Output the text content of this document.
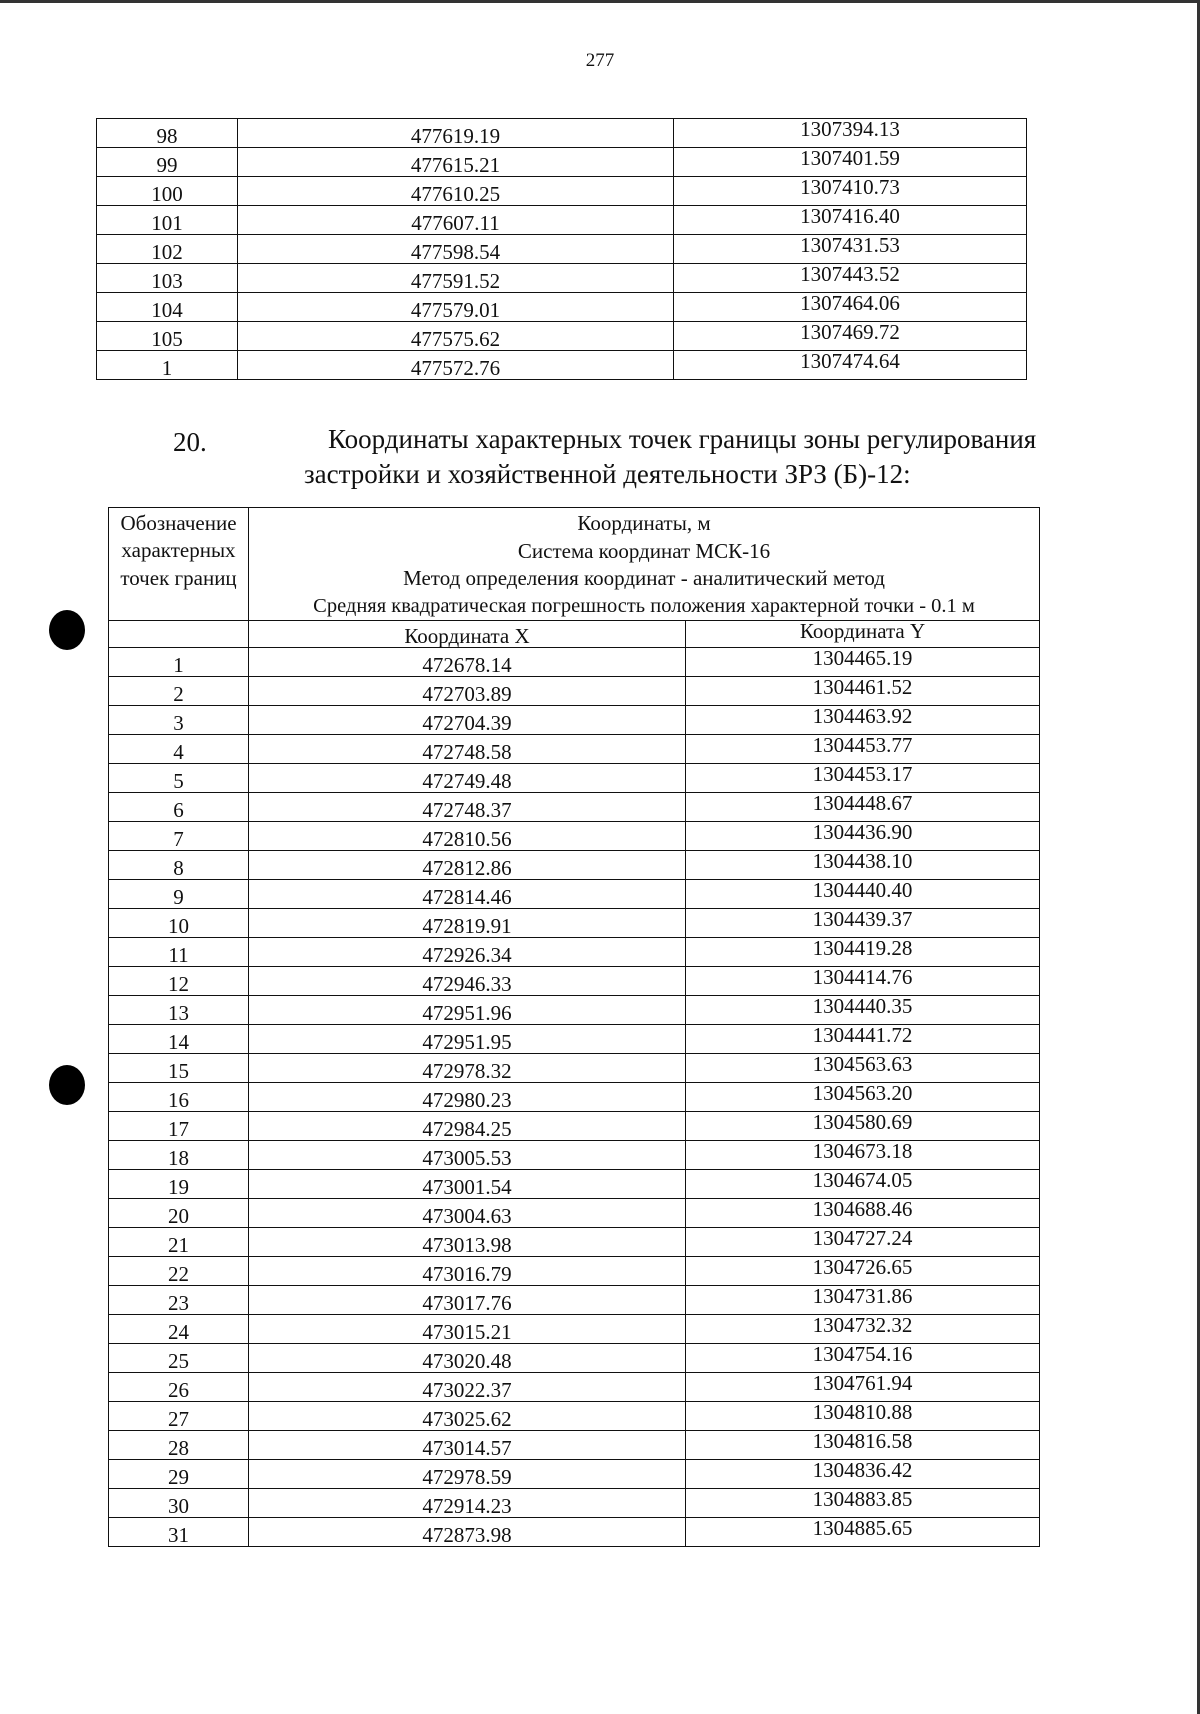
277
98	477619.19	1307394.13
99	477615.21	1307401.59
100	477610.25	1307410.73
101	477607.11	1307416.40
102	477598.54	1307431.53
103	477591.52	1307443.52
104	477579.01	1307464.06
105	477575.62	1307469.72
1	477572.76	1307474.64
20.	Координаты характерных точек границы зоны регулирования
застройки и хозяйственной деятельности ЗРЗ (Б)-12:
Обозначение характерных точек границ	Координаты, м
Система координат МСК-16
Метод определения координат - аналитический метод
Средняя квадратическая погрешность положения характерной точки - 0.1 м	

	Координата X	Координата Y
1	472678.14	1304465.19
2	472703.89	1304461.52
3	472704.39	1304463.92
4	472748.58	1304453.77
5	472749.48	1304453.17
6	472748.37	1304448.67
7	472810.56	1304436.90
8	472812.86	1304438.10
9	472814.46	1304440.40
10	472819.91	1304439.37
11	472926.34	1304419.28
12	472946.33	1304414.76
13	472951.96	1304440.35
14	472951.95	1304441.72
15	472978.32	1304563.63
16	472980.23	1304563.20
17	472984.25	1304580.69
18	473005.53	1304673.18
19	473001.54	1304674.05
20	473004.63	1304688.46
21	473013.98	1304727.24
22	473016.79	1304726.65
23	473017.76	1304731.86
24	473015.21	1304732.32
25	473020.48	1304754.16
26	473022.37	1304761.94
27	473025.62	1304810.88
28	473014.57	1304816.58
29	472978.59	1304836.42
30	472914.23	1304883.85
31	472873.98	1304885.65
